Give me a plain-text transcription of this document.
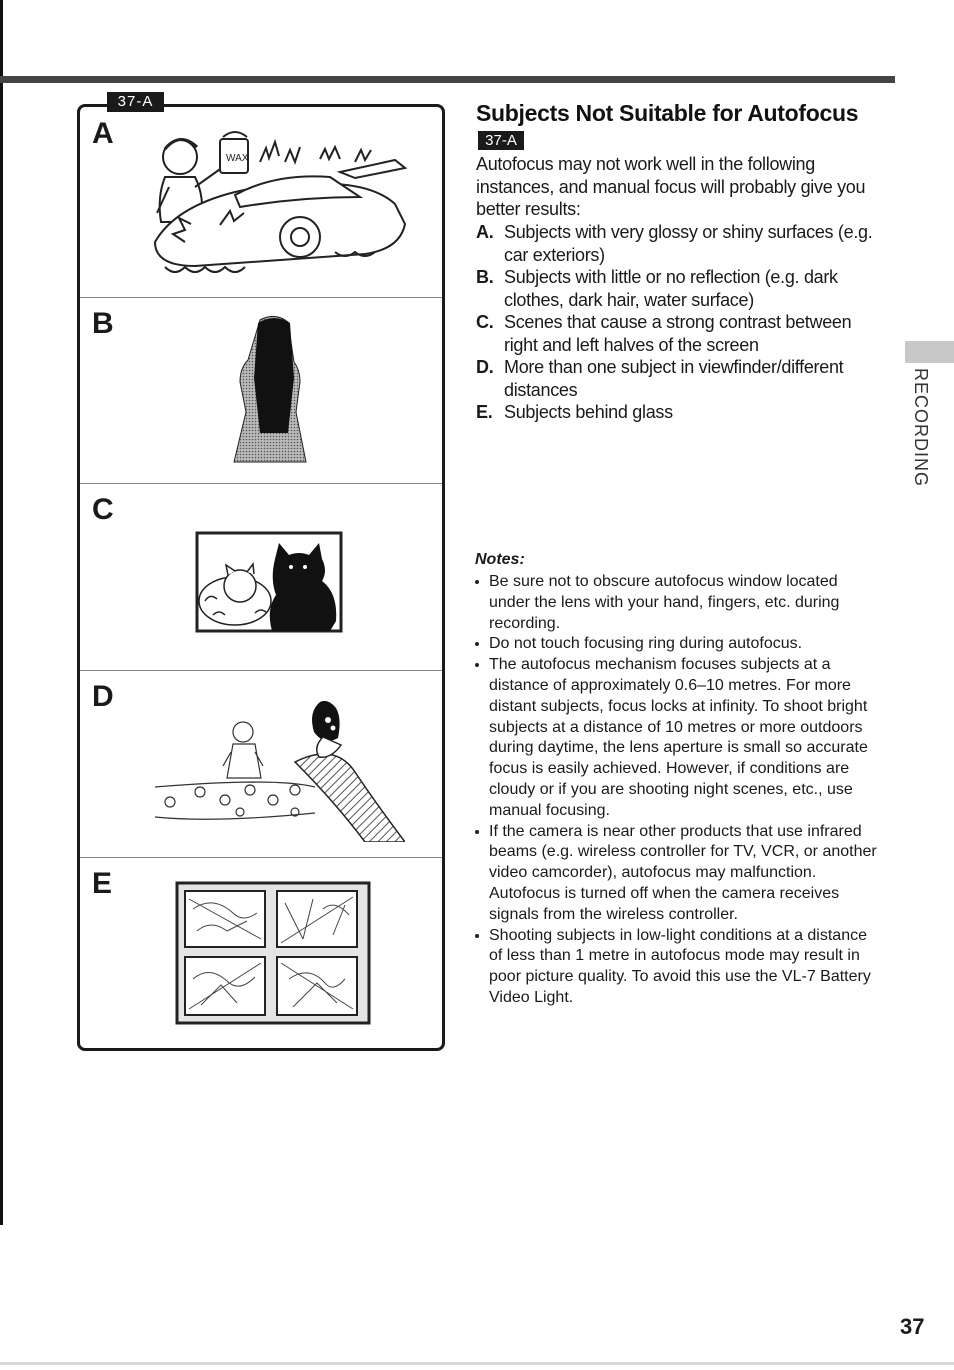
37-A
A
WAX
B
C
D
E
Subjects Not Suitable for Autofocus
37-A

Autofocus may not work well in the following instances, and manual focus will probably give you better results:

A. Subjects with very glossy or shiny surfaces (e.g. car exteriors)
B. Subjects with little or no reflection (e.g. dark clothes, dark hair, water surface)
C. Scenes that cause a strong contrast between right and left halves of the screen
D. More than one subject in viewfinder/different distances
E. Subjects behind glass
Notes:
Be sure not to obscure autofocus window located under the lens with your hand, fingers, etc. during recording.
Do not touch focusing ring during autofocus.
The autofocus mechanism focuses subjects at a distance of approximately 0.6–10 metres. For more distant subjects, focus locks at infinity. To shoot bright subjects at a distance of 10 metres or more outdoors during daytime, the lens aperture is small so accurate focus is easily achieved. However, if conditions are cloudy or if you are shooting night scenes, etc., use manual focusing.
If the camera is near other products that use infrared beams (e.g. wireless controller for TV, VCR, or another video camcorder), autofocus may malfunction. Autofocus is turned off when the camera receives signals from the wireless controller.
Shooting subjects in low-light conditions at a distance of less than 1 metre in autofocus mode may result in poor picture quality. To avoid this use the VL-7 Battery Video Light.
RECORDING
37
